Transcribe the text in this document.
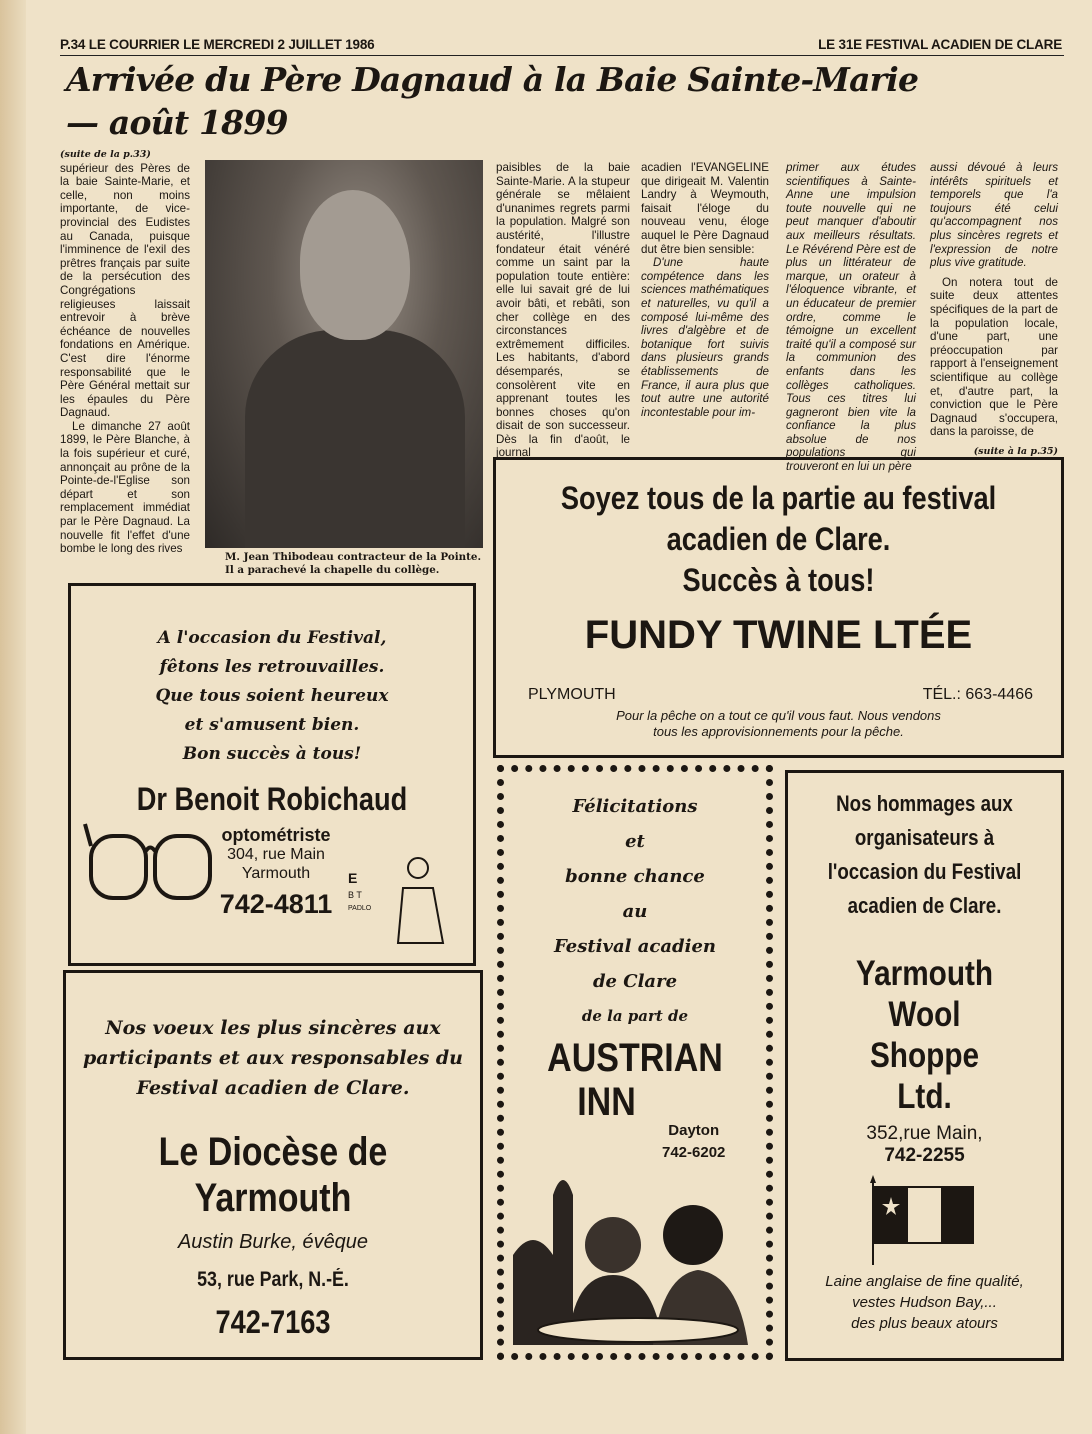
P.34 LE COURRIER LE MERCREDI 2 JUILLET 1986	LE 31E FESTIVAL ACADIEN DE CLARE
Arrivée du Père Dagnaud à la Baie Sainte-Marie
— août 1899

(suite de la p.33)

supérieur des Pères de la baie Sainte-Marie, et celle, non moins importante, de vice-provincial des Eudistes au Canada, puisque l'imminence de l'exil des prêtres français par suite de la persécution des Congrégations religieuses laissait entrevoir à brève échéance de nouvelles fondations en Amérique. C'est dire l'énorme responsabilité que le Père Général mettait sur les épaules du Père Dagnaud.

Le dimanche 27 août 1899, le Père Blanche, à la fois supérieur et curé, annonçait au prône de la Pointe-de-l'Eglise son départ et son remplacement immédiat par le Père Dagnaud. La nouvelle fit l'effet d'une bombe le long des rives

M. Jean Thibodeau contracteur de la Pointe.
Il a parachevé la chapelle du collège.

paisibles de la baie Sainte-Marie. A la stupeur générale se mêlaient d'unanimes regrets parmi la population. Malgré son austérité, l'illustre fondateur était vénéré comme un saint par la population toute entière: elle lui savait gré de lui avoir bâti, et rebâti, son cher collège en des circonstances extrêmement difficiles. Les habitants, d'abord désemparés, se consolèrent vite en apprenant toutes les bonnes choses qu'on disait de son successeur. Dès la fin d'août, le journal

acadien l'EVANGELINE que dirigeait M. Valentin Landry à Weymouth, faisait l'éloge du nouveau venu, éloge auquel le Père Dagnaud dut être bien sensible:

D'une haute compétence dans les sciences mathématiques et naturelles, vu qu'il a composé lui-même des livres d'algèbre et de botanique fort suivis dans plusieurs grands établissements de France, il aura plus que tout autre une autorité incontestable pour im-

primer aux études scientifiques à Sainte-Anne une impulsion toute nouvelle qui ne peut manquer d'aboutir aux meilleurs résultats. Le Révérend Père est de plus un littérateur de marque, un orateur à l'éloquence vibrante, et un éducateur de premier ordre, comme le témoigne un excellent traité qu'il a composé sur la communion des enfants dans les collèges catholiques. Tous ces titres lui gagneront bien vite la confiance la plus absolue de nos populations qui trouveront en lui un père

aussi dévoué à leurs intérêts spirituels et temporels que l'a toujours été celui qu'accompagnent nos plus sincères regrets et l'expression de notre plus vive gratitude.

On notera tout de suite deux attentes spécifiques de la part de la population locale, d'une part, une préoccupation par rapport à l'enseignement scientifique au collège et, d'autre part, la conviction que le Père Dagnaud s'occupera, dans la paroisse, de

(suite à la p.35)

Soyez tous de la partie au festival
acadien de Clare.
Succès à tous!
FUNDY TWINE LTÉE
PLYMOUTH	TÉL.: 663-4466
Pour la pêche on a tout ce qu'il vous faut. Nous vendons
tous les approvisionnements pour la pêche.
A l'occasion du Festival,
fêtons les retrouvailles.
Que tous soient heureux
et s'amusent bien.
Bon succès à tous!
Dr Benoit Robichaud
optométriste
304, rue Main
Yarmouth
742-4811
E
B T
PADLO
Nos voeux les plus sincères aux
participants et aux responsables du
Festival acadien de Clare.
Le Diocèse de
Yarmouth
Austin Burke, évêque
53, rue Park, N.-É.
742-7163
Félicitations
et
bonne chance
au
Festival acadien
de Clare
de la part de
AUSTRIAN
INN
Dayton
742-6202
Nos hommages aux
organisateurs à
l'occasion du Festival
acadien de Clare.
Yarmouth
Wool
Shoppe
Ltd.
352,rue Main,
742-2255
Laine anglaise de fine qualité,
vestes Hudson Bay,...
des plus beaux atours
